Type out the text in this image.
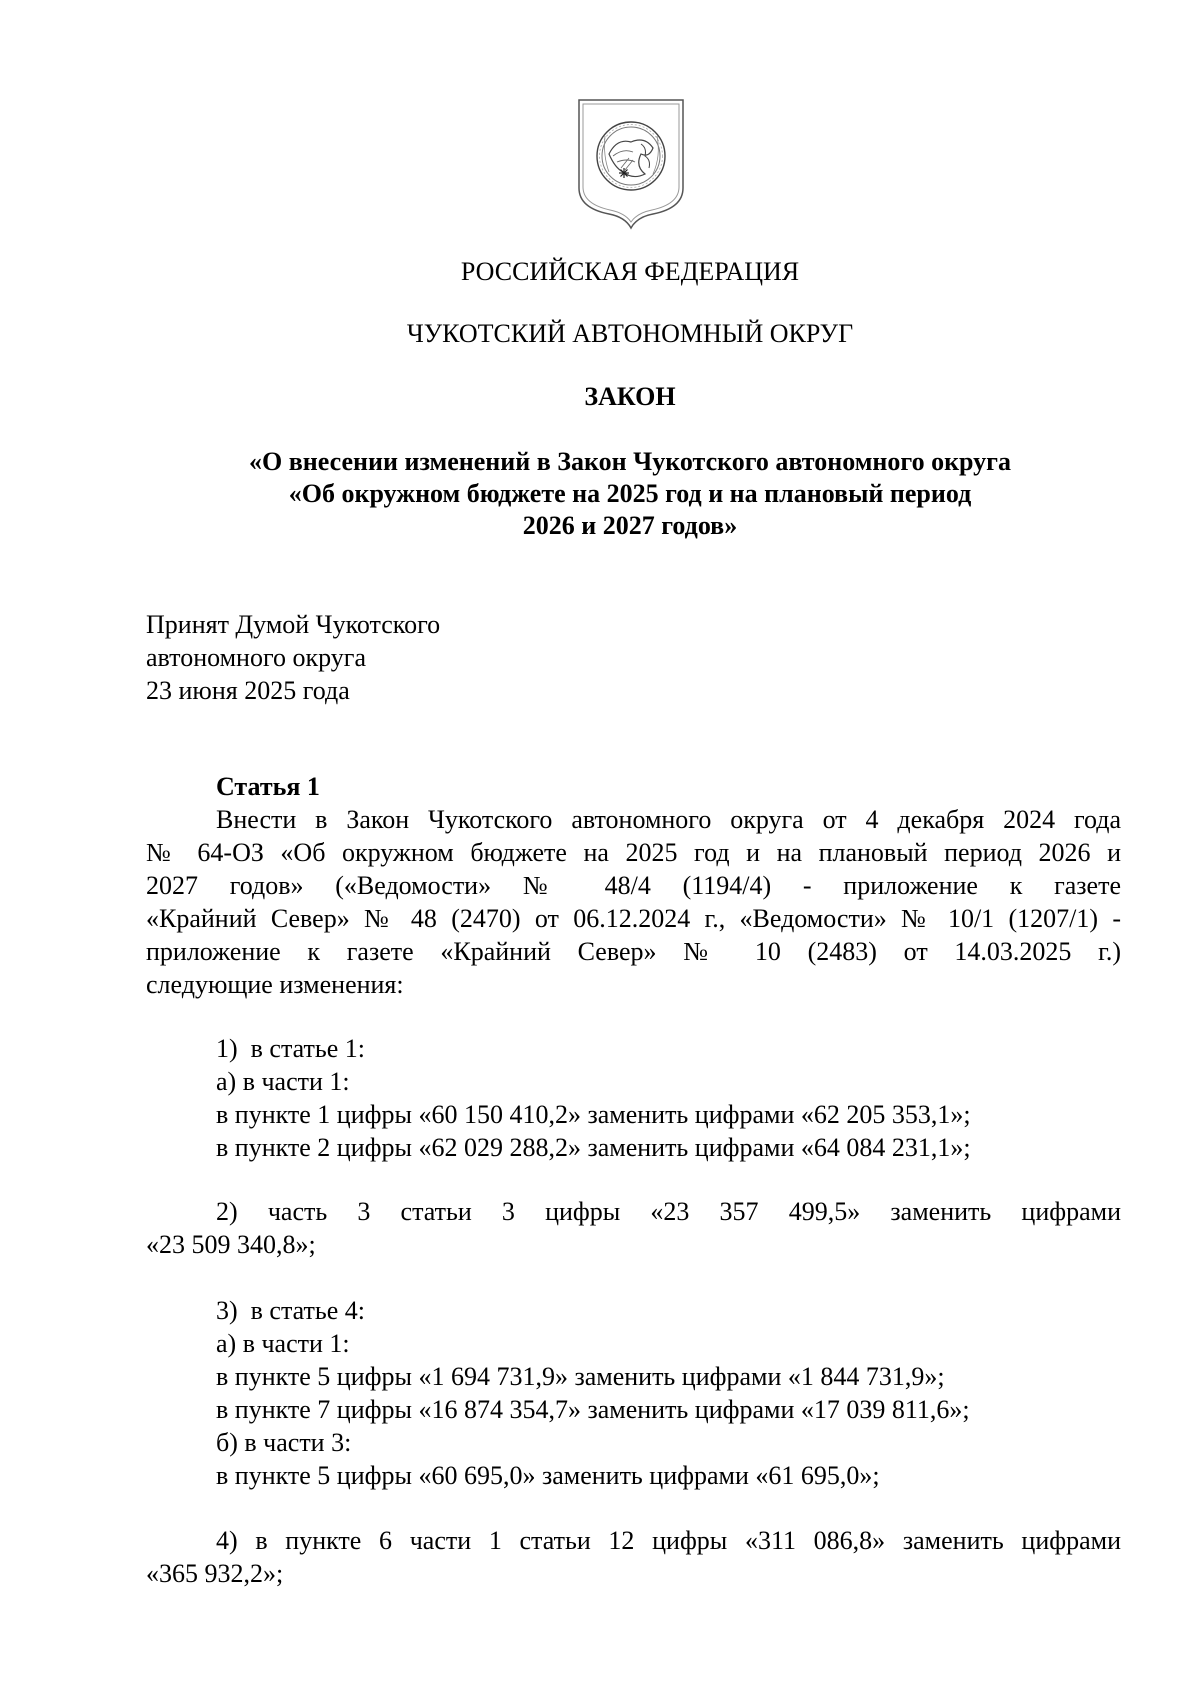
РОССИЙСКАЯ ФЕДЕРАЦИЯ
ЧУКОТСКИЙ АВТОНОМНЫЙ ОКРУГ
ЗАКОН
«О внесении изменений в Закон Чукотского автономного округа
«Об окружном бюджете на 2025 год и на плановый период
2026 и 2027 годов»
Принят Думой Чукотского
автономного округа
23 июня 2025 года
Статья 1
Внести в Закон Чукотского автономного округа от 4 декабря 2024 года
№ 64-ОЗ «Об окружном бюджете на 2025 год и на плановый период 2026 и
2027 годов» («Ведомости» № 48/4 (1194/4) - приложение к газете
«Крайний Север» № 48 (2470) от 06.12.2024 г., «Ведомости» № 10/1 (1207/1) -
приложение к газете «Крайний Север» № 10 (2483) от 14.03.2025 г.)
следующие изменения:
1)  в статье 1:
а) в части 1:
в пункте 1 цифры «60 150 410,2» заменить цифрами «62 205 353,1»;
в пункте 2 цифры «62 029 288,2» заменить цифрами «64 084 231,1»;
2) часть 3 статьи 3 цифры «23 357 499,5» заменить цифрами
«23 509 340,8»;
3)  в статье 4:
а) в части 1:
в пункте 5 цифры «1 694 731,9» заменить цифрами «1 844 731,9»;
в пункте 7 цифры «16 874 354,7» заменить цифрами «17 039 811,6»;
б) в части 3:
в пункте 5 цифры «60 695,0» заменить цифрами «61 695,0»;
4) в пункте 6 части 1 статьи 12 цифры «311 086,8» заменить цифрами
«365 932,2»;
